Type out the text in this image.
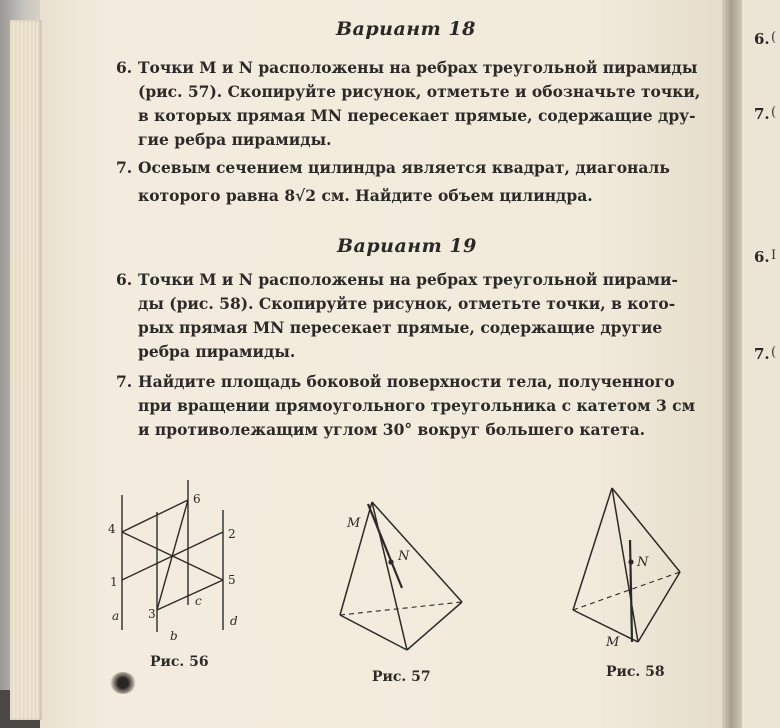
6. (
7. (
6. I
7. (
Вариант 18
6. Точки M и N расположены на ребрах треугольной пирамиды
(рис. 57). Скопируйте рисунок, отметьте и обозначьте точки,
в которых прямая MN пересекает прямые, содержащие дру-
гие ребра пирамиды.

7. Осевым сечением цилиндра является квадрат, диагональ
которого равна 8√2 см. Найдите объем цилиндра.

Вариант 19
6. Точки M и N расположены на ребрах треугольной пирами-
ды (рис. 58). Скопируйте рисунок, отметьте точки, в кото-
рых прямая MN пересекает прямые, содержащие другие
ребра пирамиды.

7. Найдите площадь боковой поверхности тела, полученного
при вращении прямоугольного треугольника с катетом 3 см
и противолежащим углом 30° вокруг большего катета.

6
4	2
1	5
3
a
b
c
d
Рис. 56
M
N
Рис. 57
N
M
Рис. 58
